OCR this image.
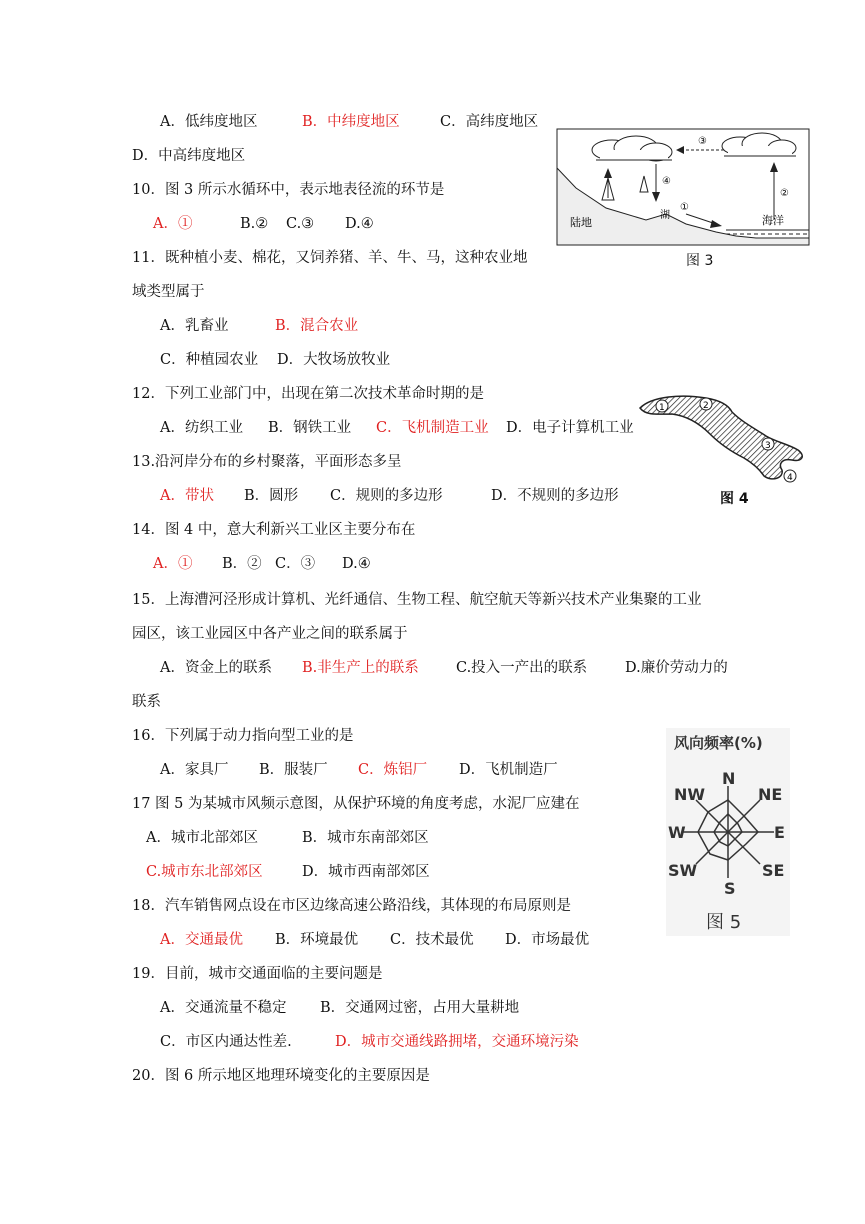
A．低纬度地区	B．中纬度地区	C．高纬度地区
D．中高纬度地区
10．图 3 所示水循环中，表示地表径流的环节是
A．①	B.② C.③ D.④
11．既种植小麦、棉花，又饲养猪、羊、牛、马，这种农业地
域类型属于
A．乳畜业	B．混合农业
C．种植园农业 D．大牧场放牧业
12．下列工业部门中，出现在第二次技术革命时期的是
A．纺织工业 B．钢铁工业 C．飞机制造工业 D．电子计算机工业
13.沿河岸分布的乡村聚落，平面形态多呈
A．带状 B．圆形 C．规则的多边形	D．不规则的多边形
14．图 4 中，意大利新兴工业区主要分布在
A．① B．② C．③ D.④
15．上海漕河泾形成计算机、光纤通信、生物工程、航空航天等新兴技术产业集聚的工业
园区，该工业园区中各产业之间的联系属于
A．资金上的联系 B.非生产上的联系	C.投入一产出的联系	D.廉价劳动力的
联系
16．下列属于动力指向型工业的是
A．家具厂 B．服装厂 C．炼铝厂 D．飞机制造厂
17 图 5 为某城市风频示意图，从保护环境的角度考虑，水泥厂应建在
A．城市北部郊区	B．城市东南部郊区
C.城市东北部郊区	D．城市西南部郊区
18．汽车销售网点设在市区边缘高速公路沿线，其体现的布局原则是
A．交通最优 B．环境最优 C．技术最优 D．市场最优
19．目前，城市交通面临的主要问题是
A．交通流量不稳定 B．交通网过密，占用大量耕地
C．市区内通达性差.	D．城市交通线路拥堵，交通环境污染
20．图 6 所示地区地理环境变化的主要原因是
③
④
②
①
湖
陆地	海洋
图 3
1	2
3
4
图 4
风向频率(%)
N
NE
E
SE
S
SW
W
NW
图 5
